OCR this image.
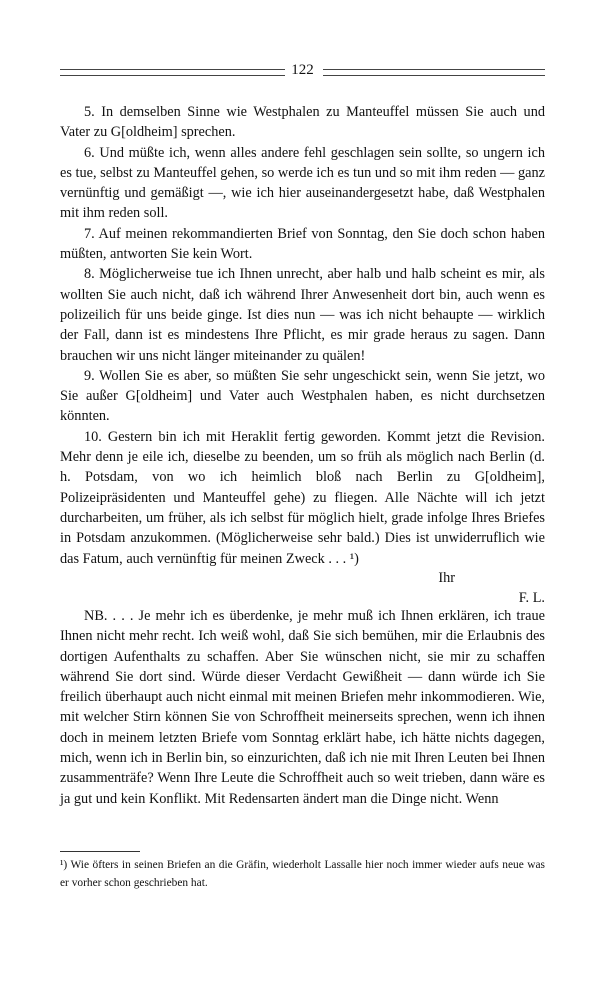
122

5. In demselben Sinne wie Westphalen zu Manteuffel müssen Sie auch und Vater zu G[oldheim] sprechen.

6. Und müßte ich, wenn alles andere fehl geschlagen sein sollte, so ungern ich es tue, selbst zu Manteuffel gehen, so werde ich es tun und so mit ihm reden — ganz vernünftig und gemäßigt —, wie ich hier auseinandergesetzt habe, daß Westphalen mit ihm reden soll.

7. Auf meinen rekommandierten Brief von Sonntag, den Sie doch schon haben müßten, antworten Sie kein Wort.

8. Möglicherweise tue ich Ihnen unrecht, aber halb und halb scheint es mir, als wollten Sie auch nicht, daß ich während Ihrer Anwesenheit dort bin, auch wenn es polizeilich für uns beide ginge. Ist dies nun — was ich nicht behaupte — wirklich der Fall, dann ist es mindestens Ihre Pflicht, es mir grade heraus zu sagen. Dann brauchen wir uns nicht länger miteinander zu quälen!

9. Wollen Sie es aber, so müßten Sie sehr ungeschickt sein, wenn Sie jetzt, wo Sie außer G[oldheim] und Vater auch Westphalen haben, es nicht durchsetzen könnten.

10. Gestern bin ich mit Heraklit fertig geworden. Kommt jetzt die Revision. Mehr denn je eile ich, dieselbe zu beenden, um so früh als möglich nach Berlin (d. h. Potsdam, von wo ich heimlich bloß nach Berlin zu G[oldheim], Polizeipräsidenten und Manteuffel gehe) zu fliegen. Alle Nächte will ich jetzt durcharbeiten, um früher, als ich selbst für möglich hielt, grade infolge Ihres Briefes in Potsdam anzukommen. (Möglicherweise sehr bald.) Dies ist unwiderruflich wie das Fatum, auch vernünftig für meinen Zweck . . . ¹)

Ihr
F. L.

NB. . . . Je mehr ich es überdenke, je mehr muß ich Ihnen erklären, ich traue Ihnen nicht mehr recht. Ich weiß wohl, daß Sie sich bemühen, mir die Erlaubnis des dortigen Aufenthalts zu schaffen. Aber Sie wünschen nicht, sie mir zu schaffen während Sie dort sind. Würde dieser Verdacht Gewißheit — dann würde ich Sie freilich überhaupt auch nicht einmal mit meinen Briefen mehr inkommodieren. Wie, mit welcher Stirn können Sie von Schroffheit meinerseits sprechen, wenn ich ihnen doch in meinem letzten Briefe vom Sonntag erklärt habe, ich hätte nichts dagegen, mich, wenn ich in Berlin bin, so einzurichten, daß ich nie mit Ihren Leuten bei Ihnen zusammenträfe? Wenn Ihre Leute die Schroffheit auch so weit trieben, dann wäre es ja gut und kein Konflikt. Mit Redensarten ändert man die Dinge nicht. Wenn

¹) Wie öfters in seinen Briefen an die Gräfin, wiederholt Lassalle hier noch immer wieder aufs neue was er vorher schon geschrieben hat.
